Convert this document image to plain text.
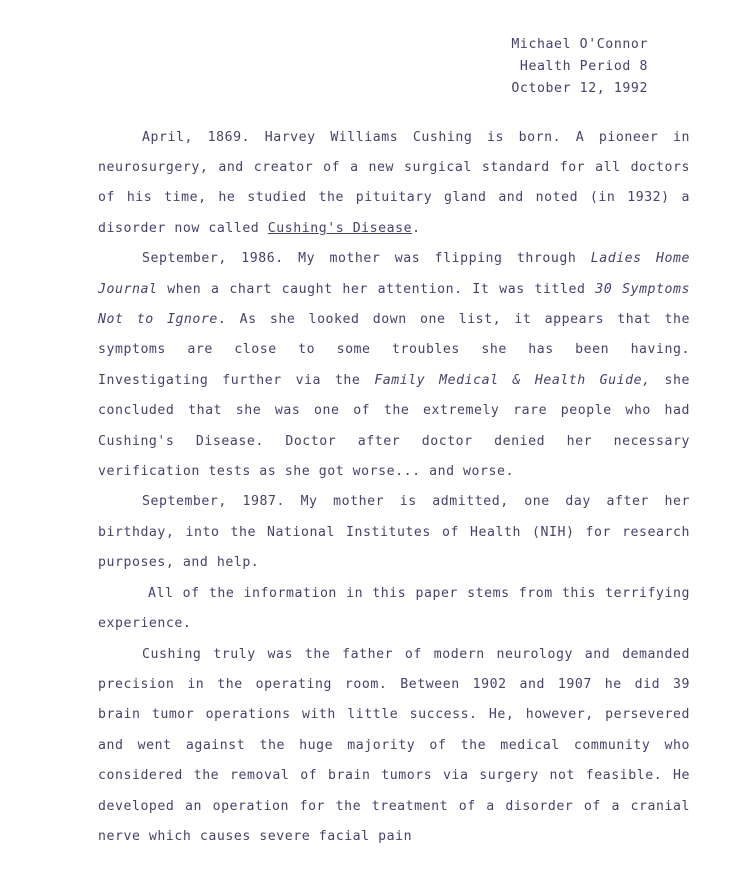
Michael O'Connor
Health Period 8
October 12, 1992

April, 1869. Harvey Williams Cushing is born. A pioneer in neurosurgery, and creator of a new surgical standard for all doctors of his time, he studied the pituitary gland and noted (in 1932) a disorder now called Cushing's Disease.

September, 1986. My mother was flipping through Ladies Home Journal when a chart caught her attention. It was titled 30 Symptoms Not to Ignore. As she looked down one list, it appears that the symptoms are close to some troubles she has been having. Investigating further via the Family Medical & Health Guide, she concluded that she was one of the extremely rare people who had Cushing's Disease. Doctor after doctor denied her necessary verification tests as she got worse... and worse.

September, 1987. My mother is admitted, one day after her birthday, into the National Institutes of Health (NIH) for research purposes, and help.

All of the information in this paper stems from this terrifying experience.

Cushing truly was the father of modern neurology and demanded precision in the operating room. Between 1902 and 1907 he did 39 brain tumor operations with little success. He, however, persevered and went against the huge majority of the medical community who considered the removal of brain tumors via surgery not feasible. He developed an operation for the treatment of a disorder of a cranial nerve which causes severe facial pain
